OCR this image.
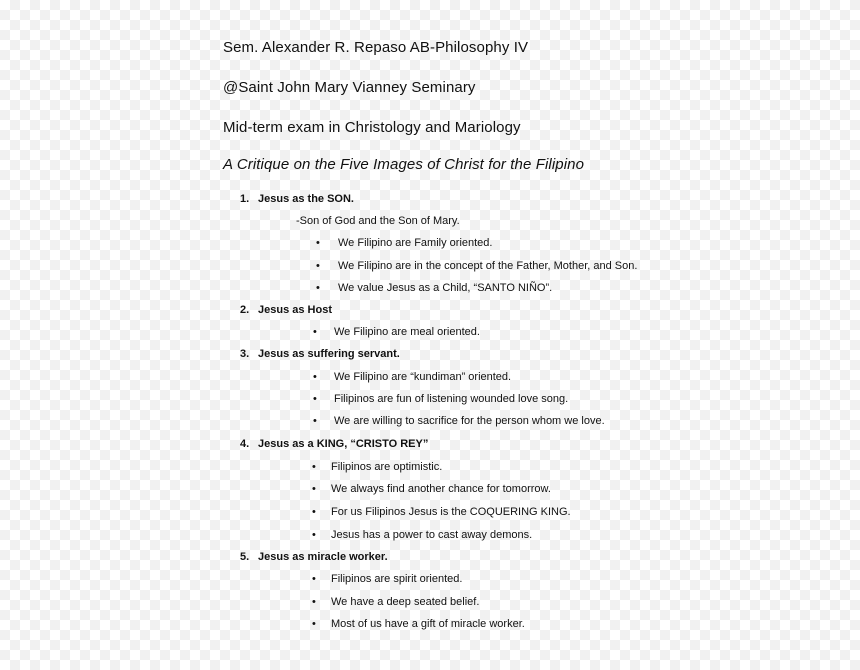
Sem. Alexander R. Repaso AB-Philosophy IV
@Saint John Mary Vianney Seminary
Mid-term exam in Christology and Mariology
A Critique on the Five Images of Christ for the Filipino
1. Jesus as the SON.
-Son of God and the Son of Mary.
• We Filipino are Family oriented.
• We Filipino are in the concept of the Father, Mother, and Son.
• We value Jesus as a Child, “SANTO NIÑO”.
2. Jesus as Host
• We Filipino are meal oriented.
3. Jesus as suffering servant.
• We Filipino are “kundiman” oriented.
• Filipinos are fun of listening wounded love song.
• We are willing to sacrifice for the person whom we love.
4. Jesus as a KING, “CRISTO REY”
• Filipinos are optimistic.
• We always find another chance for tomorrow.
• For us Filipinos Jesus is the COQUERING KING.
• Jesus has a power to cast away demons.
5. Jesus as miracle worker.
• Filipinos are spirit oriented.
• We have a deep seated belief.
• Most of us have a gift of miracle worker.
